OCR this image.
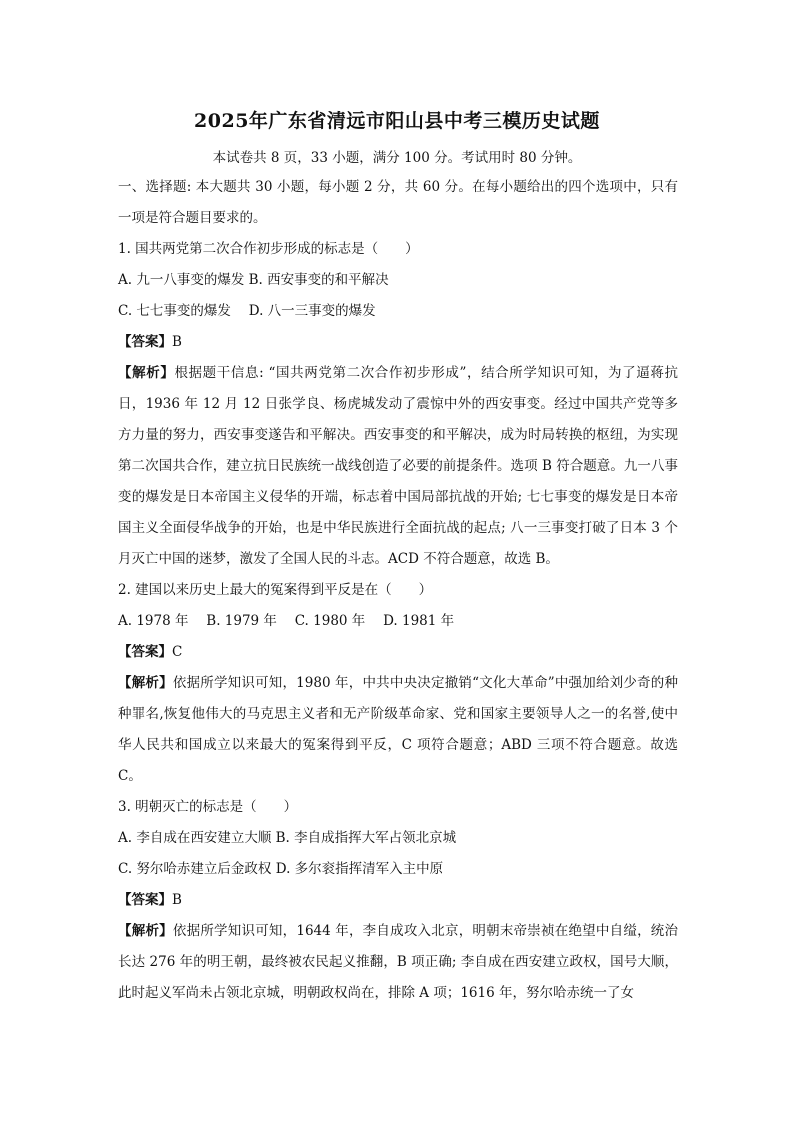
2025年广东省清远市阳山县中考三模历史试题
本试卷共 8 页，33 小题，满分 100 分。考试用时 80 分钟。

一、选择题: 本大题共 30 小题，每小题 2 分，共 60 分。在每小题给出的四个选项中，只有一项是符合题目要求的。

1. 国共两党第二次合作初步形成的标志是（　　）

A. 九一八事变的爆发 B. 西安事变的和平解决

C. 七七事变的爆发　 D. 八一三事变的爆发

【答案】B

【解析】根据题干信息: “国共两党第二次合作初步形成”，结合所学知识可知，为了逼蒋抗日，1936 年 12 月 12 日张学良、杨虎城发动了震惊中外的西安事变。经过中国共产党等多方力量的努力，西安事变遂告和平解决。西安事变的和平解决，成为时局转换的枢纽，为实现第二次国共合作，建立抗日民族统一战线创造了必要的前提条件。选项 B 符合题意。九一八事变的爆发是日本帝国主义侵华的开端，标志着中国局部抗战的开始; 七七事变的爆发是日本帝国主义全面侵华战争的开始，也是中华民族进行全面抗战的起点; 八一三事变打破了日本 3 个月灭亡中国的迷梦，激发了全国人民的斗志。ACD 不符合题意，故选 B。

2. 建国以来历史上最大的冤案得到平反是在（　　）

A. 1978 年　 B. 1979 年　 C. 1980 年　 D. 1981 年

【答案】C

【解析】依据所学知识可知，1980 年，中共中央决定撤销“文化大革命”中强加给刘少奇的种种罪名,恢复他伟大的马克思主义者和无产阶级革命家、党和国家主要领导人之一的名誉,使中华人民共和国成立以来最大的冤案得到平反，C 项符合题意；ABD 三项不符合题意。故选 C。

3. 明朝灭亡的标志是（　　）

A. 李自成在西安建立大顺 B. 李自成指挥大军占领北京城

C. 努尔哈赤建立后金政权 D. 多尔衮指挥清军入主中原

【答案】B

【解析】依据所学知识可知，1644 年，李自成攻入北京，明朝末帝崇祯在绝望中自缢，统治长达 276 年的明王朝，最终被农民起义推翻，B 项正确; 李自成在西安建立政权，国号大顺，此时起义军尚未占领北京城，明朝政权尚在，排除 A 项；1616 年，努尔哈赤统一了女
